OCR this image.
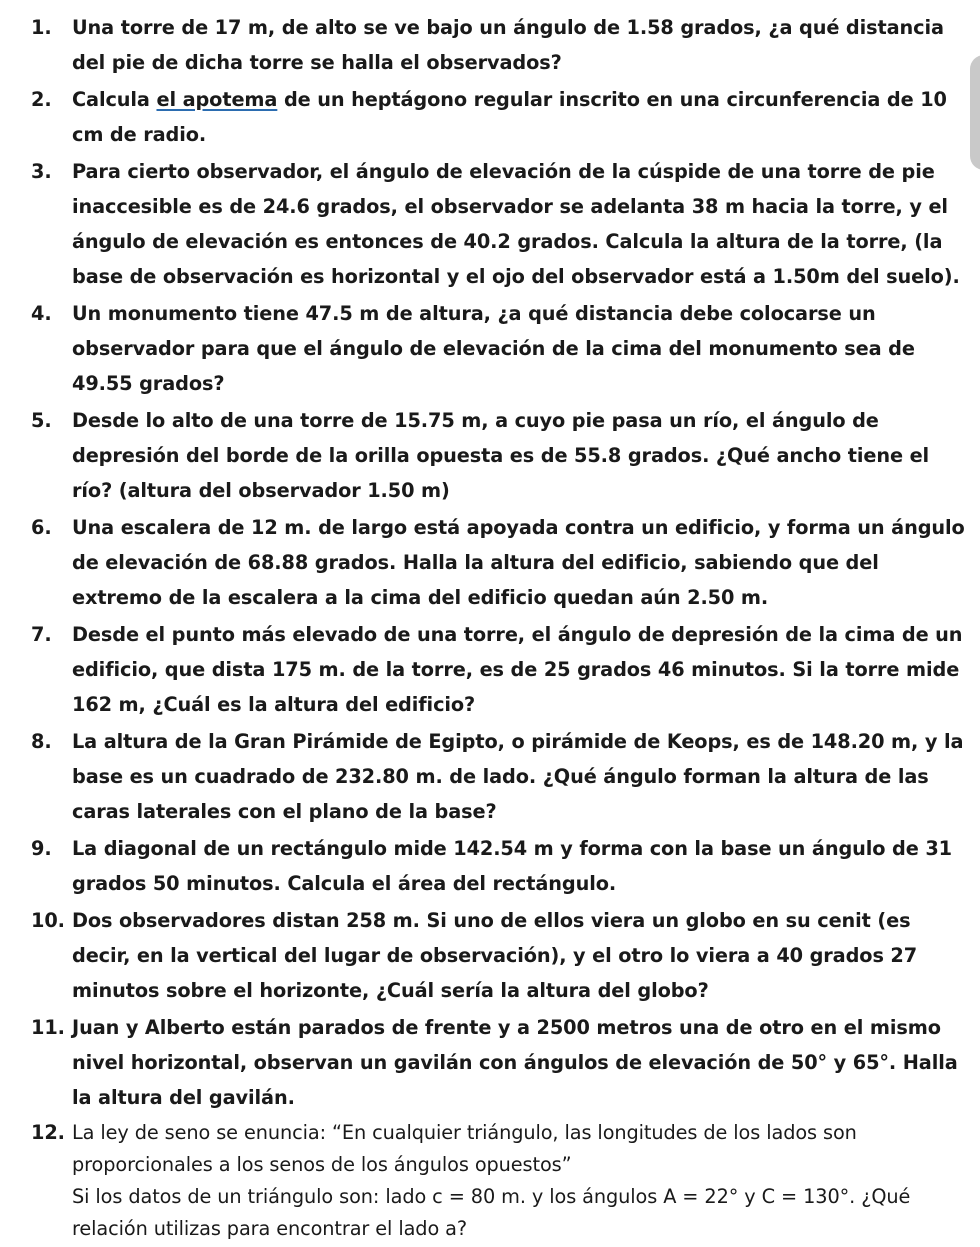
1. Una torre de 17 m, de alto se ve bajo un ángulo de 1.58 grados, ¿a qué distancia
del pie de dicha torre se halla el observados?
2. Calcula el apotema de un heptágono regular inscrito en una circunferencia de 10
cm de radio.
3. Para cierto observador, el ángulo de elevación de la cúspide de una torre de pie
inaccesible es de 24.6 grados, el observador se adelanta 38 m hacia la torre, y el
ángulo de elevación es entonces de 40.2 grados. Calcula la altura de la torre, (la
base de observación es horizontal y el ojo del observador está a 1.50m del suelo).
4. Un monumento tiene 47.5 m de altura, ¿a qué distancia debe colocarse un
observador para que el ángulo de elevación de la cima del monumento sea de
49.55 grados?
5. Desde lo alto de una torre de 15.75 m, a cuyo pie pasa un río, el ángulo de
depresión del borde de la orilla opuesta es de 55.8 grados. ¿Qué ancho tiene el
río? (altura del observador 1.50 m)
6. Una escalera de 12 m. de largo está apoyada contra un edificio, y forma un ángulo
de elevación de 68.88 grados. Halla la altura del edificio, sabiendo que del
extremo de la escalera a la cima del edificio quedan aún 2.50 m.
7. Desde el punto más elevado de una torre, el ángulo de depresión de la cima de un
edificio, que dista 175 m. de la torre, es de 25 grados 46 minutos. Si la torre mide
162 m, ¿Cuál es la altura del edificio?
8. La altura de la Gran Pirámide de Egipto, o pirámide de Keops, es de 148.20 m, y la
base es un cuadrado de 232.80 m. de lado. ¿Qué ángulo forman la altura de las
caras laterales con el plano de la base?
9. La diagonal de un rectángulo mide 142.54 m y forma con la base un ángulo de 31
grados 50 minutos. Calcula el área del rectángulo.
10. Dos observadores distan 258 m. Si uno de ellos viera un globo en su cenit (es
decir, en la vertical del lugar de observación), y el otro lo viera a 40 grados 27
minutos sobre el horizonte, ¿Cuál sería la altura del globo?
11. Juan y Alberto están parados de frente y a 2500 metros una de otro en el mismo
nivel horizontal, observan un gavilán con ángulos de elevación de 50° y 65°. Halla
la altura del gavilán.
12. La ley de seno se enuncia: “En cualquier triángulo, las longitudes de los lados son
proporcionales a los senos de los ángulos opuestos”
Si los datos de un triángulo son: lado c = 80 m. y los ángulos A = 22° y C = 130°. ¿Qué
relación utilizas para encontrar el lado a?
